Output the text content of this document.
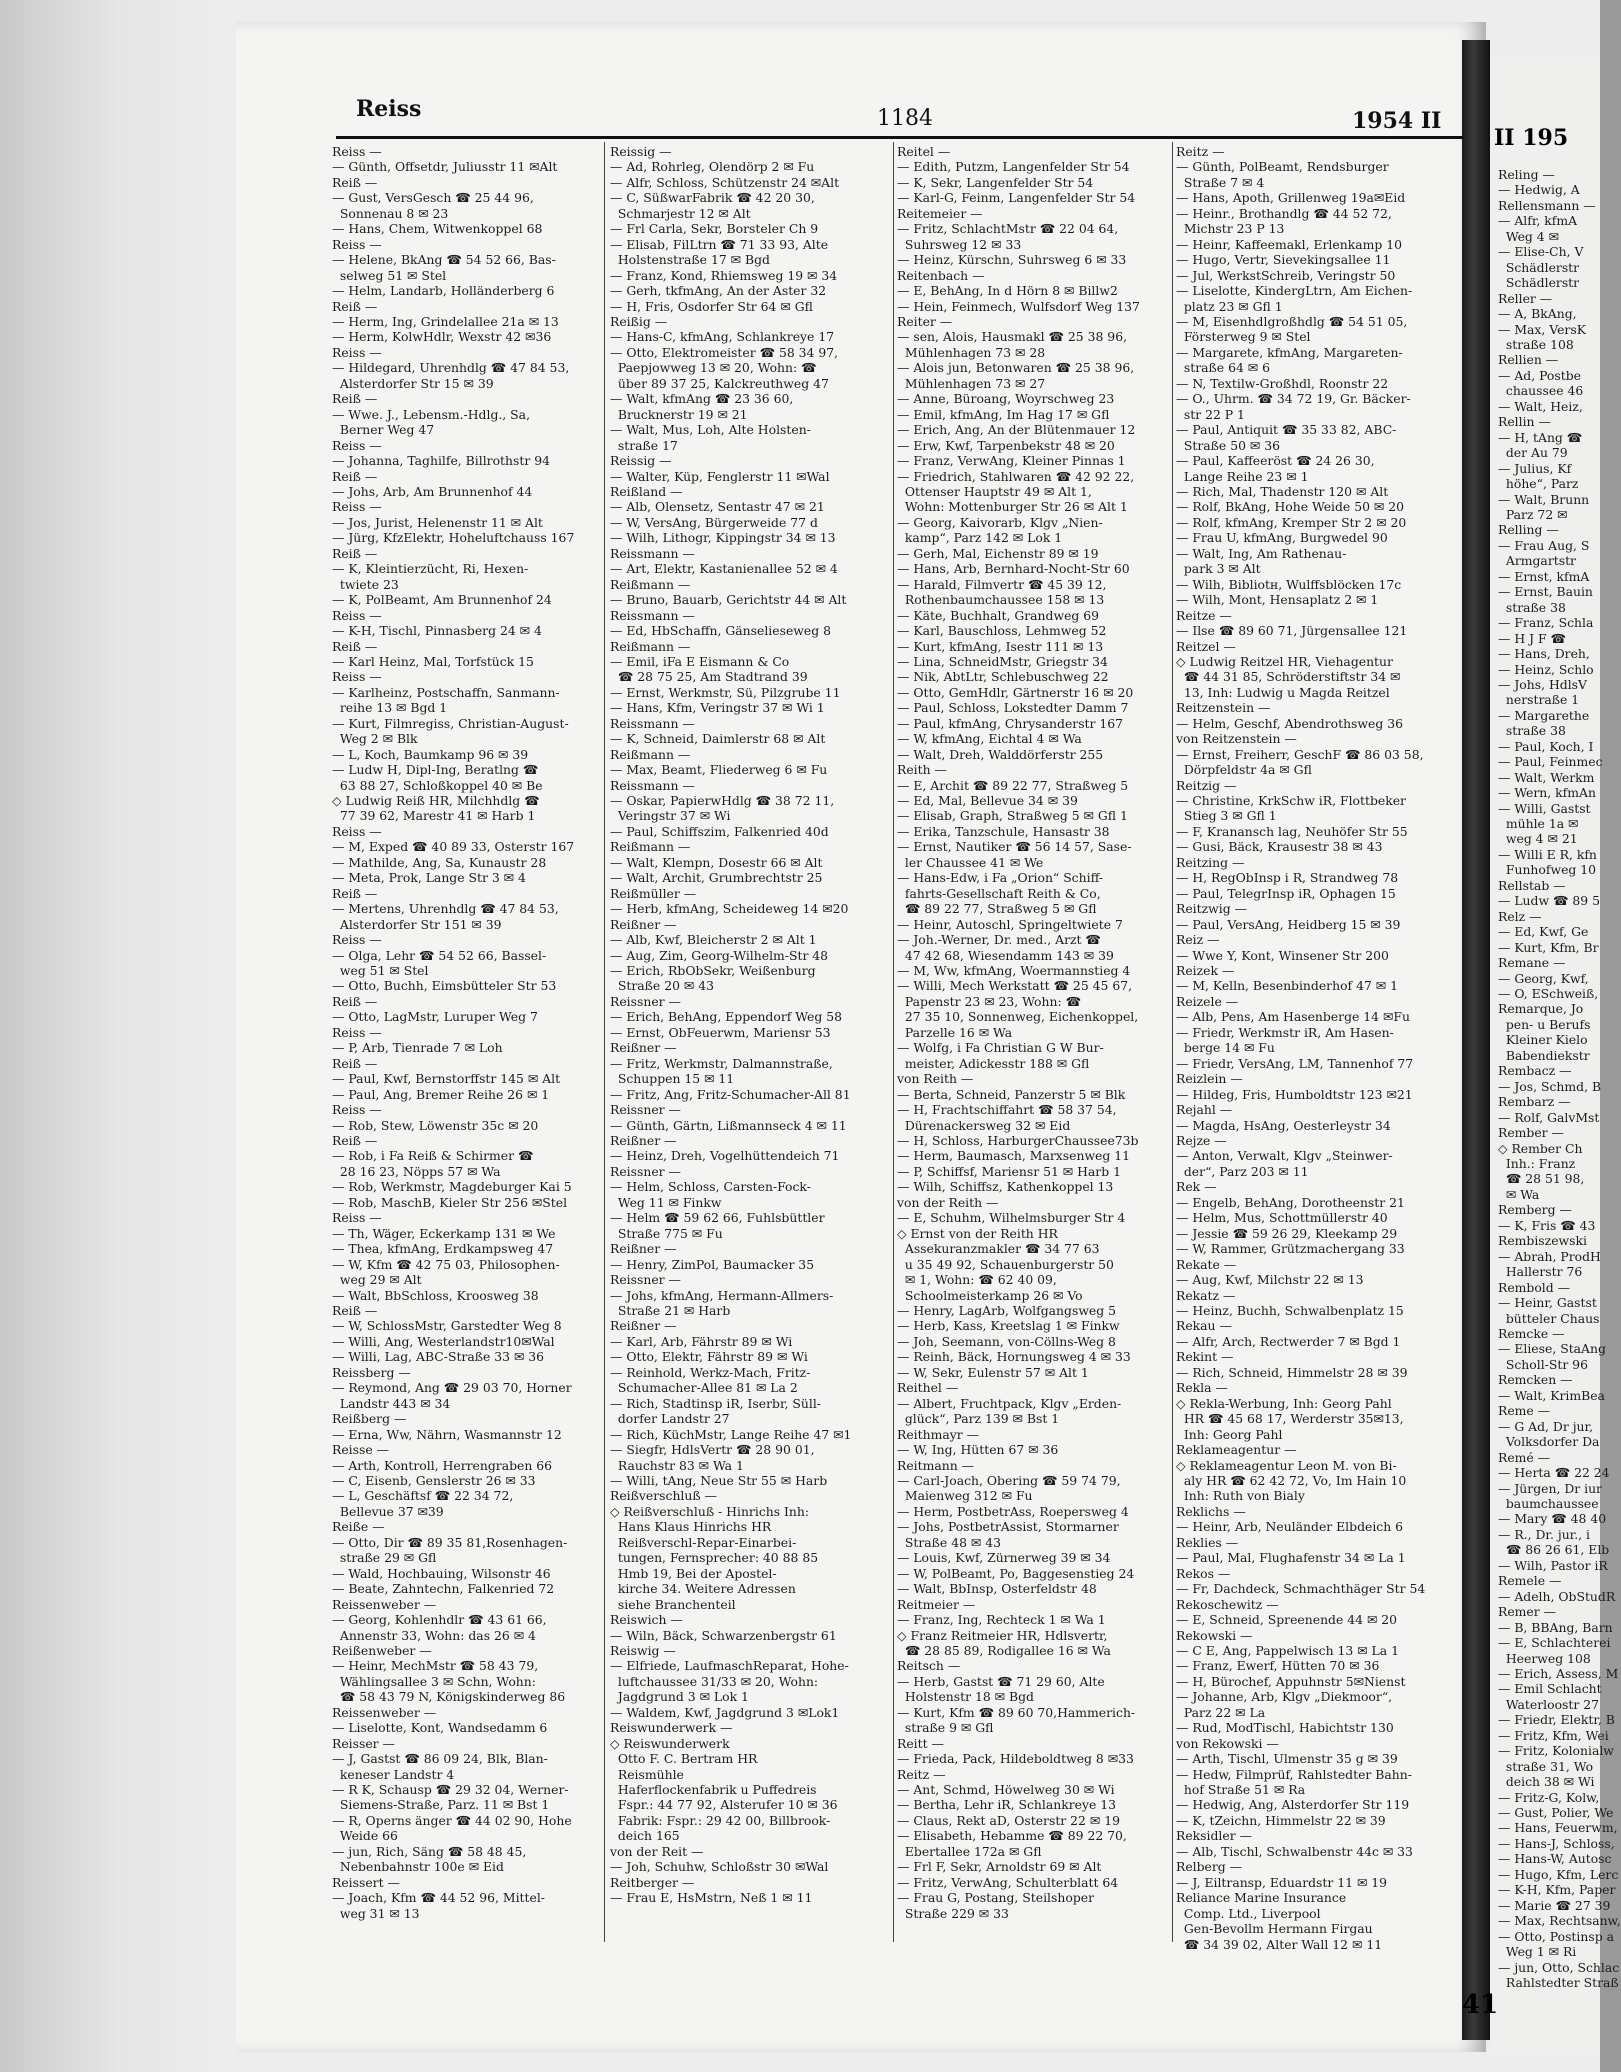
II 195
Reling —
— Hedwig, A
Rellensmann —
— Alfr, kfmA
Weg 4 ✉
— Elise-Ch, V
Schädlerstr
Schädlerstr
Reller —
— A, BkAng,
— Max, VersK
straße 108
Rellien —
— Ad, Postbe
chaussee 46
— Walt, Heiz,
Rellin —
— H, tAng ☎
der Au 79
— Julius, Kf
höhe“, Parz
— Walt, Brunn
Parz 72 ✉
Relling —
— Frau Aug, S
Armgartstr
— Ernst, kfmA
— Ernst, Bauin
straße 38
— Franz, Schla
— H J F ☎
— Hans, Dreh,
— Heinz, Schlo
— Johs, HdlsV
nerstraße 1
— Margarethe
straße 38
— Paul, Koch, I
— Paul, Feinmec
— Walt, Werkm
— Wern, kfmAn
— Willi, Gastst
mühle 1a ✉
weg 4 ✉ 21
— Willi E R, kfn
Funhofweg 10
Rellstab —
— Ludw ☎ 89 5
Relz —
— Ed, Kwf, Ge
— Kurt, Kfm, Br
Remane —
— Georg, Kwf,
— O, ESchweiß,
Remarque, Jo
pen- u Berufs
Kleiner Kielo
Babendiekstr
Rembacz —
— Jos, Schmd, B
Rembarz —
— Rolf, GalvMst
Rember —
◇ Rember Ch
Inh.: Franz
☎ 28 51 98,
✉ Wa
Remberg —
— K, Fris ☎ 43
Rembiszewski
— Abrah, ProdH
Hallerstr 76
Rembold —
— Heinr, Gastst
bütteler Chaus
Remcke —
— Eliese, StaAng
Scholl-Str 96
Remcken —
— Walt, KrimBea
Reme —
— G Ad, Dr jur,
Volksdorfer Da
Remé —
— Herta ☎ 22 24
— Jürgen, Dr iur
baumchaussee
— Mary ☎ 48 40
— R., Dr. jur., i
☎ 86 26 61, Elb
— Wilh, Pastor iR
Remele —
— Adelh, ObStudR
Remer —
— B, BBAng, Barn
— E, Schlachterei
Heerweg 108
— Erich, Assess, M
— Emil Schlacht
Waterloostr 27
— Friedr, Elektr, B
— Fritz, Kfm, Wei
— Fritz, Kolonialw
straße 31, Wo
deich 38 ✉ Wi
— Fritz-G, Kolw,
— Gust, Polier, We
— Hans, Feuerwm,
— Hans-J, Schloss,
— Hans-W, Autosc
— Hugo, Kfm, Lerc
— K-H, Kfm, Paper
— Marie ☎ 27 39
— Max, Rechtsanw,
— Otto, Postinsp a
Weg 1 ✉ Ri
— jun, Otto, Schlac
Rahlstedter Straß
Reiss	1184	1954 II
Reiss —
— Günth, Offsetdr, Juliusstr 11 ✉Alt
Reiß —
— Gust, VersGesch ☎ 25 44 96,
Sonnenau 8 ✉ 23
— Hans, Chem, Witwenkoppel 68
Reiss —
— Helene, BkAng ☎ 54 52 66, Bas-
selweg 51 ✉ Stel
— Helm, Landarb, Holländerberg 6
Reiß —
— Herm, Ing, Grindelallee 21a ✉ 13
— Herm, KolwHdlr, Wexstr 42 ✉36
Reiss —
— Hildegard, Uhrenhdlg ☎ 47 84 53,
Alsterdorfer Str 15 ✉ 39
Reiß —
— Wwe. J., Lebensm.-Hdlg., Sa,
Berner Weg 47
Reiss —
— Johanna, Taghilfe, Billrothstr 94
Reiß —
— Johs, Arb, Am Brunnenhof 44
Reiss —
— Jos, Jurist, Helenenstr 11 ✉ Alt
— Jürg, KfzElektr, Hoheluftchauss 167
Reiß —
— K, Kleintierzücht, Ri, Hexen-
twiete 23
— K, PolBeamt, Am Brunnenhof 24
Reiss —
— K-H, Tischl, Pinnasberg 24 ✉ 4
Reiß —
— Karl Heinz, Mal, Torfstück 15
Reiss —
— Karlheinz, Postschaffn, Sanmann-
reihe 13 ✉ Bgd 1
— Kurt, Filmregiss, Christian-August-
Weg 2 ✉ Blk
— L, Koch, Baumkamp 96 ✉ 39
— Ludw H, Dipl-Ing, Beratlng ☎
63 88 27, Schloßkoppel 40 ✉ Be
◇ Ludwig Reiß HR, Milchhdlg ☎
77 39 62, Marestr 41 ✉ Harb 1
Reiss —
— M, Exped ☎ 40 89 33, Osterstr 167
— Mathilde, Ang, Sa, Kunaustr 28
— Meta, Prok, Lange Str 3 ✉ 4
Reiß —
— Mertens, Uhrenhdlg ☎ 47 84 53,
Alsterdorfer Str 151 ✉ 39
Reiss —
— Olga, Lehr ☎ 54 52 66, Bassel-
weg 51 ✉ Stel
— Otto, Buchh, Eimsbütteler Str 53
Reiß —
— Otto, LagMstr, Luruper Weg 7
Reiss —
— P, Arb, Tienrade 7 ✉ Loh
Reiß —
— Paul, Kwf, Bernstorffstr 145 ✉ Alt
— Paul, Ang, Bremer Reihe 26 ✉ 1
Reiss —
— Rob, Stew, Löwenstr 35c ✉ 20
Reiß —
— Rob, i Fa Reiß & Schirmer ☎
28 16 23, Nöpps 57 ✉ Wa
— Rob, Werkmstr, Magdeburger Kai 5
— Rob, MaschB, Kieler Str 256 ✉Stel
Reiss —
— Th, Wäger, Eckerkamp 131 ✉ We
— Thea, kfmAng, Erdkampsweg 47
— W, Kfm ☎ 42 75 03, Philosophen-
weg 29 ✉ Alt
— Walt, BbSchloss, Kroosweg 38
Reiß —
— W, SchlossMstr, Garstedter Weg 8
— Willi, Ang, Westerlandstr10✉Wal
— Willi, Lag, ABC-Straße 33 ✉ 36
Reissberg —
— Reymond, Ang ☎ 29 03 70, Horner
Landstr 443 ✉ 34
Reißberg —
— Erna, Ww, Nährn, Wasmannstr 12
Reisse —
— Arth, Kontroll, Herrengraben 66
— C, Eisenb, Genslerstr 26 ✉ 33
— L, Geschäftsf ☎ 22 34 72,
Bellevue 37 ✉39
Reiße —
— Otto, Dir ☎ 89 35 81,Rosenhagen-
straße 29 ✉ Gfl
— Wald, Hochbauing, Wilsonstr 46
— Beate, Zahntechn, Falkenried 72
Reissenweber —
— Georg, Kohlenhdlr ☎ 43 61 66,
Annenstr 33, Wohn: das 26 ✉ 4
Reißenweber —
— Heinr, MechMstr ☎ 58 43 79,
Wählingsallee 3 ✉ Schn, Wohn:
☎ 58 43 79 N, Königskinderweg 86
Reissenweber —
— Liselotte, Kont, Wandsedamm 6
Reisser —
— J, Gastst ☎ 86 09 24, Blk, Blan-
keneser Landstr 4
— R K, Schausp ☎ 29 32 04, Werner-
Siemens-Straße, Parz. 11 ✉ Bst 1
— R, Operns änger ☎ 44 02 90, Hohe
Weide 66
— jun, Rich, Säng ☎ 58 48 45,
Nebenbahnstr 100e ✉ Eid
Reissert —
— Joach, Kfm ☎ 44 52 96, Mittel-
weg 31 ✉ 13
Reissig —
— Ad, Rohrleg, Olendörp 2 ✉ Fu
— Alfr, Schloss, Schützenstr 24 ✉Alt
— C, SüßwarFabrik ☎ 42 20 30,
Schmarjestr 12 ✉ Alt
— Frl Carla, Sekr, Borsteler Ch 9
— Elisab, FilLtrn ☎ 71 33 93, Alte
Holstenstraße 17 ✉ Bgd
— Franz, Kond, Rhiemsweg 19 ✉ 34
— Gerh, tkfmAng, An der Aster 32
— H, Fris, Osdorfer Str 64 ✉ Gfl
Reißig —
— Hans-C, kfmAng, Schlankreye 17
— Otto, Elektromeister ☎ 58 34 97,
Paepjowweg 13 ✉ 20, Wohn: ☎
über 89 37 25, Kalckreuthweg 47
— Walt, kfmAng ☎ 23 36 60,
Brucknerstr 19 ✉ 21
— Walt, Mus, Loh, Alte Holsten-
straße 17
Reissig —
— Walter, Küp, Fenglerstr 11 ✉Wal
Reißland —
— Alb, Olensetz, Sentastr 47 ✉ 21
— W, VersAng, Bürgerweide 77 d
— Wilh, Lithogr, Kippingstr 34 ✉ 13
Reissmann —
— Art, Elektr, Kastanienallee 52 ✉ 4
Reißmann —
— Bruno, Bauarb, Gerichtstr 44 ✉ Alt
Reissmann —
— Ed, HbSchaffn, Gänselieseweg 8
Reißmann —
— Emil, iFa E Eismann & Co
☎ 28 75 25, Am Stadtrand 39
— Ernst, Werkmstr, Sü, Pilzgrube 11
— Hans, Kfm, Veringstr 37 ✉ Wi 1
Reissmann —
— K, Schneid, Daimlerstr 68 ✉ Alt
Reißmann —
— Max, Beamt, Fliederweg 6 ✉ Fu
Reissmann —
— Oskar, PapierwHdlg ☎ 38 72 11,
Veringstr 37 ✉ Wi
— Paul, Schiffszim, Falkenried 40d
Reißmann —
— Walt, Klempn, Dosestr 66 ✉ Alt
— Walt, Archit, Grumbrechtstr 25
Reißmüller —
— Herb, kfmAng, Scheideweg 14 ✉20
Reißner —
— Alb, Kwf, Bleicherstr 2 ✉ Alt 1
— Aug, Zim, Georg-Wilhelm-Str 48
— Erich, RbObSekr, Weißenburg
Straße 20 ✉ 43
Reissner —
— Erich, BehAng, Eppendorf Weg 58
— Ernst, ObFeuerwm, Mariensr 53
Reißner —
— Fritz, Werkmstr, Dalmannstraße,
Schuppen 15 ✉ 11
— Fritz, Ang, Fritz-Schumacher-All 81
Reissner —
— Günth, Gärtn, Lißmannseck 4 ✉ 11
Reißner —
— Heinz, Dreh, Vogelhüttendeich 71
Reissner —
— Helm, Schloss, Carsten-Fock-
Weg 11 ✉ Finkw
— Helm ☎ 59 62 66, Fuhlsbüttler
Straße 775 ✉ Fu
Reißner —
— Henry, ZimPol, Baumacker 35
Reissner —
— Johs, kfmAng, Hermann-Allmers-
Straße 21 ✉ Harb
Reißner —
— Karl, Arb, Fährstr 89 ✉ Wi
— Otto, Elektr, Fährstr 89 ✉ Wi
— Reinhold, Werkz-Mach, Fritz-
Schumacher-Allee 81 ✉ La 2
— Rich, Stadtinsp iR, Iserbr, Süll-
dorfer Landstr 27
— Rich, KüchMstr, Lange Reihe 47 ✉1
— Siegfr, HdlsVertr ☎ 28 90 01,
Rauchstr 83 ✉ Wa 1
— Willi, tAng, Neue Str 55 ✉ Harb
Reißverschluß —
◇ Reißverschluß - Hinrichs Inh:
Hans Klaus Hinrichs HR
Reißverschl-Repar-Einarbei-
tungen, Fernsprecher: 40 88 85
Hmb 19, Bei der Apostel-
kirche 34. Weitere Adressen
siehe Branchenteil
Reiswich —
— Wiln, Bäck, Schwarzenbergstr 61
Reiswig —
— Elfriede, LaufmaschReparat, Hohe-
luftchaussee 31/33 ✉ 20, Wohn:
Jagdgrund 3 ✉ Lok 1
— Waldem, Kwf, Jagdgrund 3 ✉Lok1
Reiswunderwerk —
◇ Reiswunderwerk
Otto F. C. Bertram HR
Reismühle
Haferflockenfabrik u Puffedreis
Fspr.: 44 77 92, Alsterufer 10 ✉ 36
Fabrik: Fspr.: 29 42 00, Billbrook-
deich 165
von der Reit —
— Joh, Schuhw, Schloßstr 30 ✉Wal
Reitberger —
— Frau E, HsMstrn, Neß 1 ✉ 11
Reitel —
— Edith, Putzm, Langenfelder Str 54
— K, Sekr, Langenfelder Str 54
— Karl-G, Feinm, Langenfelder Str 54
Reitemeier —
— Fritz, SchlachtMstr ☎ 22 04 64,
Suhrsweg 12 ✉ 33
— Heinz, Kürschn, Suhrsweg 6 ✉ 33
Reitenbach —
— E, BehAng, In d Hörn 8 ✉ Billw2
— Hein, Feinmech, Wulfsdorf Weg 137
Reiter —
— sen, Alois, Hausmakl ☎ 25 38 96,
Mühlenhagen 73 ✉ 28
— Alois jun, Betonwaren ☎ 25 38 96,
Mühlenhagen 73 ✉ 27
— Anne, Büroang, Woyrschweg 23
— Emil, kfmAng, Im Hag 17 ✉ Gfl
— Erich, Ang, An der Blütenmauer 12
— Erw, Kwf, Tarpenbekstr 48 ✉ 20
— Franz, VerwAng, Kleiner Pinnas 1
— Friedrich, Stahlwaren ☎ 42 92 22,
Ottenser Hauptstr 49 ✉ Alt 1,
Wohn: Mottenburger Str 26 ✉ Alt 1
— Georg, Kaivorarb, Klgv „Nien-
kamp“, Parz 142 ✉ Lok 1
— Gerh, Mal, Eichenstr 89 ✉ 19
— Hans, Arb, Bernhard-Nocht-Str 60
— Harald, Filmvertr ☎ 45 39 12,
Rothenbaumchaussee 158 ✉ 13
— Käte, Buchhalt, Grandweg 69
— Karl, Bauschloss, Lehmweg 52
— Kurt, kfmAng, Isestr 111 ✉ 13
— Lina, SchneidMstr, Griegstr 34
— Nik, AbtLtr, Schlebuschweg 22
— Otto, GemHdlr, Gärtnerstr 16 ✉ 20
— Paul, Schloss, Lokstedter Damm 7
— Paul, kfmAng, Chrysanderstr 167
— W, kfmAng, Eichtal 4 ✉ Wa
— Walt, Dreh, Walddörferstr 255
Reith —
— E, Archit ☎ 89 22 77, Straßweg 5
— Ed, Mal, Bellevue 34 ✉ 39
— Elisab, Graph, Straßweg 5 ✉ Gfl 1
— Erika, Tanzschule, Hansastr 38
— Ernst, Nautiker ☎ 56 14 57, Sase-
ler Chaussee 41 ✉ We
— Hans-Edw, i Fa „Orion“ Schiff-
fahrts-Gesellschaft Reith & Co,
☎ 89 22 77, Straßweg 5 ✉ Gfl
— Heinr, Autoschl, Springeltwiete 7
— Joh.-Werner, Dr. med., Arzt ☎
47 42 68, Wiesendamm 143 ✉ 39
— M, Ww, kfmAng, Woermannstieg 4
— Willi, Mech Werkstatt ☎ 25 45 67,
Papenstr 23 ✉ 23, Wohn: ☎
27 35 10, Sonnenweg, Eichenkoppel,
Parzelle 16 ✉ Wa
— Wolfg, i Fa Christian G W Bur-
meister, Adickesstr 188 ✉ Gfl
von Reith —
— Berta, Schneid, Panzerstr 5 ✉ Blk
— H, Frachtschiffahrt ☎ 58 37 54,
Dürenackersweg 32 ✉ Eid
— H, Schloss, HarburgerChaussee73b
— Herm, Baumasch, Marxsenweg 11
— P, Schiffsf, Mariensr 51 ✉ Harb 1
— Wilh, Schiffsz, Kathenkoppel 13
von der Reith —
— E, Schuhm, Wilhelmsburger Str 4
◇ Ernst von der Reith HR
Assekuranzmakler ☎ 34 77 63
u 35 49 92, Schauenburgerstr 50
✉ 1, Wohn: ☎ 62 40 09,
Schoolmeisterkamp 26 ✉ Vo
— Henry, LagArb, Wolfgangsweg 5
— Herb, Kass, Kreetslag 1 ✉ Finkw
— Joh, Seemann, von-Cöllns-Weg 8
— Reinh, Bäck, Hornungsweg 4 ✉ 33
— W, Sekr, Eulenstr 57 ✉ Alt 1
Reithel —
— Albert, Fruchtpack, Klgv „Erden-
glück“, Parz 139 ✉ Bst 1
Reithmayr —
— W, Ing, Hütten 67 ✉ 36
Reitmann —
— Carl-Joach, Obering ☎ 59 74 79,
Maienweg 312 ✉ Fu
— Herm, PostbetrAss, Roepersweg 4
— Johs, PostbetrAssist, Stormarner
Straße 48 ✉ 43
— Louis, Kwf, Zürnerweg 39 ✉ 34
— W, PolBeamt, Po, Baggesenstieg 24
— Walt, BbInsp, Osterfeldstr 48
Reitmeier —
— Franz, Ing, Rechteck 1 ✉ Wa 1
◇ Franz Reitmeier HR, Hdlsvertr,
☎ 28 85 89, Rodigallee 16 ✉ Wa
Reitsch —
— Herb, Gastst ☎ 71 29 60, Alte
Holstenstr 18 ✉ Bgd
— Kurt, Kfm ☎ 89 60 70,Hammerich-
straße 9 ✉ Gfl
Reitt —
— Frieda, Pack, Hildeboldtweg 8 ✉33
Reitz —
— Ant, Schmd, Höwelweg 30 ✉ Wi
— Bertha, Lehr iR, Schlankreye 13
— Claus, Rekt aD, Osterstr 22 ✉ 19
— Elisabeth, Hebamme ☎ 89 22 70,
Ebertallee 172a ✉ Gfl
— Frl F, Sekr, Arnoldstr 69 ✉ Alt
— Fritz, VerwAng, Schulterblatt 64
— Frau G, Postang, Steilshoper
Straße 229 ✉ 33
Reitz —
— Günth, PolBeamt, Rendsburger
Straße 7 ✉ 4
— Hans, Apoth, Grillenweg 19a✉Eid
— Heinr., Brothandlg ☎ 44 52 72,
Michstr 23 P 13
— Heinr, Kaffeemakl, Erlenkamp 10
— Hugo, Vertr, Sievekingsallee 11
— Jul, WerkstSchreib, Veringstr 50
— Liselotte, KindergLtrn, Am Eichen-
platz 23 ✉ Gfl 1
— M, Eisenhdlgroßhdlg ☎ 54 51 05,
Försterweg 9 ✉ Stel
— Margarete, kfmAng, Margareten-
straße 64 ✉ 6
— N, Textilw-Großhdl, Roonstr 22
— O., Uhrm. ☎ 34 72 19, Gr. Bäcker-
str 22 P 1
— Paul, Antiquit ☎ 35 33 82, ABC-
Straße 50 ✉ 36
— Paul, Kaffeeröst ☎ 24 26 30,
Lange Reihe 23 ✉ 1
— Rich, Mal, Thadenstr 120 ✉ Alt
— Rolf, BkAng, Hohe Weide 50 ✉ 20
— Rolf, kfmAng, Kremper Str 2 ✉ 20
— Frau U, kfmAng, Burgwedel 90
— Walt, Ing, Am Rathenau-
park 3 ✉ Alt
— Wilh, Bibliotн, Wulffsblöcken 17c
— Wilh, Mont, Hensaplatz 2 ✉ 1
Reitze —
— Ilse ☎ 89 60 71, Jürgensallee 121
Reitzel —
◇ Ludwig Reitzel HR, Viehagentur
☎ 44 31 85, Schröderstiftstr 34 ✉
13, Inh: Ludwig u Magda Reitzel
Reitzenstein —
— Helm, Geschf, Abendrothsweg 36
von Reitzenstein —
— Ernst, Freiherr, GeschF ☎ 86 03 58,
Dörpfeldstr 4a ✉ Gfl
Reitzig —
— Christine, KrkSchw iR, Flottbeker
Stieg 3 ✉ Gfl 1
— F, Kranansch lag, Neuhöfer Str 55
— Gusi, Bäck, Krausestr 38 ✉ 43
Reitzing —
— H, RegObInsp i R, Strandweg 78
— Paul, TelegrInsp iR, Ophagen 15
Reitzwig —
— Paul, VersAng, Heidberg 15 ✉ 39
Reiz —
— Wwe Y, Kont, Winsener Str 200
Reizek —
— M, Kelln, Besenbinderhof 47 ✉ 1
Reizele —
— Alb, Pens, Am Hasenberge 14 ✉Fu
— Friedr, Werkmstr iR, Am Hasen-
berge 14 ✉ Fu
— Friedr, VersAng, LM, Tannenhof 77
Reizlein —
— Hildeg, Fris, Humboldtstr 123 ✉21
Rejahl —
— Magda, HsAng, Oesterleystr 34
Rejze —
— Anton, Verwalt, Klgv „Steinwer-
der“, Parz 203 ✉ 11
Rek —
— Engelb, BehAng, Dorotheenstr 21
— Helm, Mus, Schottmüllerstr 40
— Jessie ☎ 59 26 29, Kleekamp 29
— W, Rammer, Grützmachergang 33
Rekate —
— Aug, Kwf, Milchstr 22 ✉ 13
Rekatz —
— Heinz, Buchh, Schwalbenplatz 15
Rekau —
— Alfr, Arch, Rectwerder 7 ✉ Bgd 1
Rekint —
— Rich, Schneid, Himmelstr 28 ✉ 39
Rekla —
◇ Rekla-Werbung, Inh: Georg Pahl
HR ☎ 45 68 17, Werderstr 35✉13,
Inh: Georg Pahl
Reklameagentur —
◇ Reklameagentur Leon M. von Bi-
aly HR ☎ 62 42 72, Vo, Im Hain 10
Inh: Ruth von Bialy
Reklichs —
— Heinr, Arb, Neuländer Elbdeich 6
Reklies —
— Paul, Mal, Flughafenstr 34 ✉ La 1
Rekos —
— Fr, Dachdeck, Schmachthäger Str 54
Rekoschewitz —
— E, Schneid, Spreenende 44 ✉ 20
Rekowski —
— C E, Ang, Pappelwisch 13 ✉ La 1
— Franz, Ewerf, Hütten 70 ✉ 36
— H, Bürochef, Appuhnstr 5✉Nienst
— Johanne, Arb, Klgv „Diekmoor“,
Parz 22 ✉ La
— Rud, ModTischl, Habichtstr 130
von Rekowski —
— Arth, Tischl, Ulmenstr 35 g ✉ 39
— Hedw, Filmprüf, Rahlstedter Bahn-
hof Straße 51 ✉ Ra
— Hedwig, Ang, Alsterdorfer Str 119
— K, tZeichn, Himmelstr 22 ✉ 39
Reksidler —
— Alb, Tischl, Schwalbenstr 44c ✉ 33
Relberg —
— J, Eiltransp, Eduardstr 11 ✉ 19
Reliance Marine Insurance
Comp. Ltd., Liverpool
Gen-Bevollm Hermann Firgau
☎ 34 39 02, Alter Wall 12 ✉ 11
41
